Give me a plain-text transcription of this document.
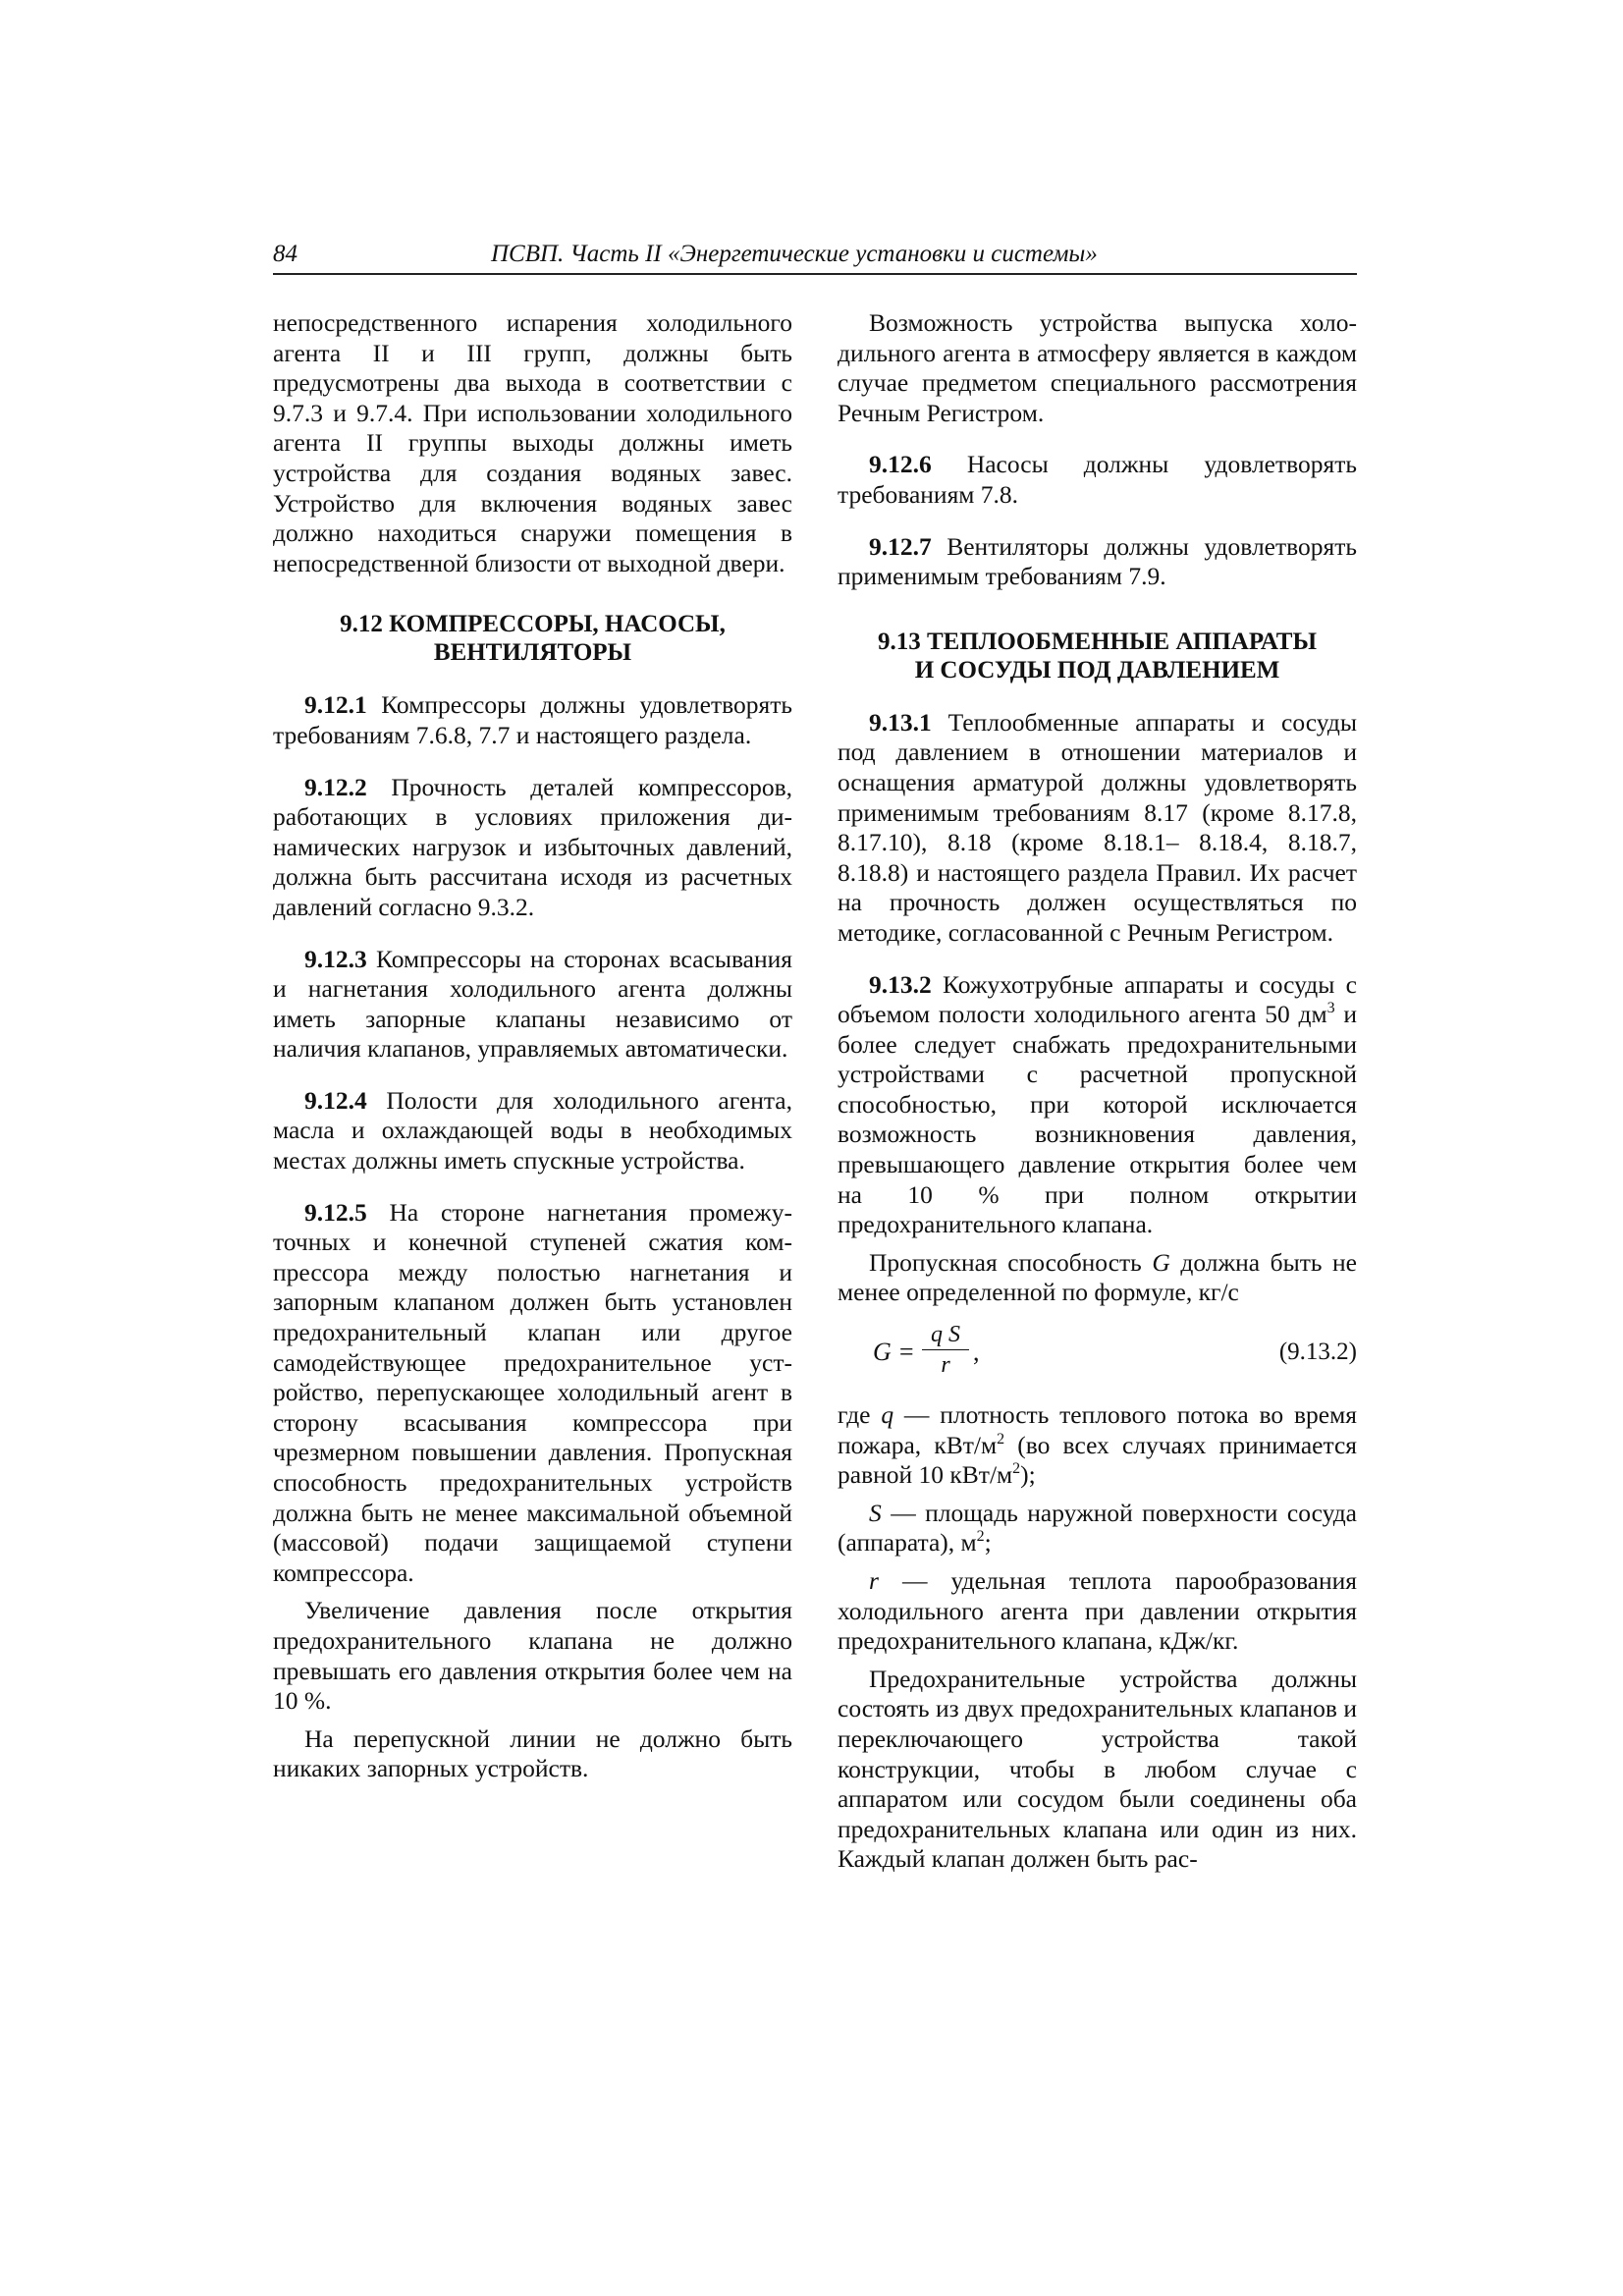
84	ПСВП. Часть II «Энергетические установки и системы»

непосредственного испарения холодильного агента II и III групп, должны быть предусмотрены два выхода в соответствии с 9.7.3 и 9.7.4. При использовании холодильного агента II группы выходы должны иметь устройства для создания водяных завес. Устройство для включения водяных завес должно находиться снаружи помещения в непосредственной близости от выходной двери.

9.12 КОМПРЕССОРЫ, НАСОСЫ,
ВЕНТИЛЯТОРЫ

9.12.1 Компрессоры должны удовлетворять требованиям 7.6.8, 7.7 и настоящего раздела.

9.12.2 Прочность деталей компрессоров, работающих в условиях приложения динамических нагрузок и избыточных давлений, должна быть рассчитана исходя из расчетных давлений согласно 9.3.2.

9.12.3 Компрессоры на сторонах всасывания и нагнетания холодильного агента должны иметь запорные клапаны независимо от наличия клапанов, управляемых автоматически.

9.12.4 Полости для холодильного агента, масла и охлаждающей воды в необходимых местах должны иметь спускные устройства.

9.12.5 На стороне нагнетания промежуточных и конечной ступеней сжатия компрессора между полостью нагнетания и запорным клапаном должен быть установлен предохранительный клапан или другое самодействующее предохранительное устройство, перепускающее холодильный агент в сторону всасывания компрессора при чрезмерном повышении давления. Пропускная способность предохранительных устройств должна быть не менее максимальной объемной (массовой) подачи защищаемой ступени компрессора.

Увеличение давления после открытия предохранительного клапана не должно превышать его давления открытия более чем на 10 %.

На перепускной линии не должно быть никаких запорных устройств.

Возможность устройства выпуска холодильного агента в атмосферу является в каждом случае предметом специального рассмотрения Речным Регистром.

9.12.6 Насосы должны удовлетворять требованиям 7.8.

9.12.7 Вентиляторы должны удовлетворять применимым требованиям 7.9.

9.13 ТЕПЛООБМЕННЫЕ АППАРАТЫ
И СОСУДЫ ПОД ДАВЛЕНИЕМ

9.13.1 Теплообменные аппараты и сосуды под давлением в отношении материалов и оснащения арматурой должны удовлетворять применимым требованиям 8.17 (кроме 8.17.8, 8.17.10), 8.18 (кроме 8.18.1– 8.18.4, 8.18.7, 8.18.8) и настоящего раздела Правил. Их расчет на прочность должен осуществляться по методике, согласованной с Речным Регистром.

9.13.2 Кожухотрубные аппараты и сосуды с объемом полости холодильного агента 50 $дм^3$ и более следует снабжать предохранительными устройствами с расчетной пропускной способностью, при которой исключается возможность возникновения давления, превышающего давление открытия более чем на 10 % при полном открытии предохранительного клапана.

Пропускная способность G должна быть не менее определенной по формуле, кг/с

$G = \frac{\text{q S}}{r}$ ,	(9.13.2)

где q — плотность теплового потока во время пожара, кВт/$м^2$ (во всех случаях принимается равной 10 кВт/$м^2$);

S — площадь наружной поверхности сосуда (аппарата), $м^2$;

r — удельная теплота парообразования холодильного агента при давлении открытия предохранительного клапана, кДж/кг.

Предохранительные устройства должны состоять из двух предохранительных клапанов и переключающего устройства такой конструкции, чтобы в любом случае с аппаратом или сосудом были соединены оба предохранительных клапана или один из них. Каждый клапан должен быть рас-
